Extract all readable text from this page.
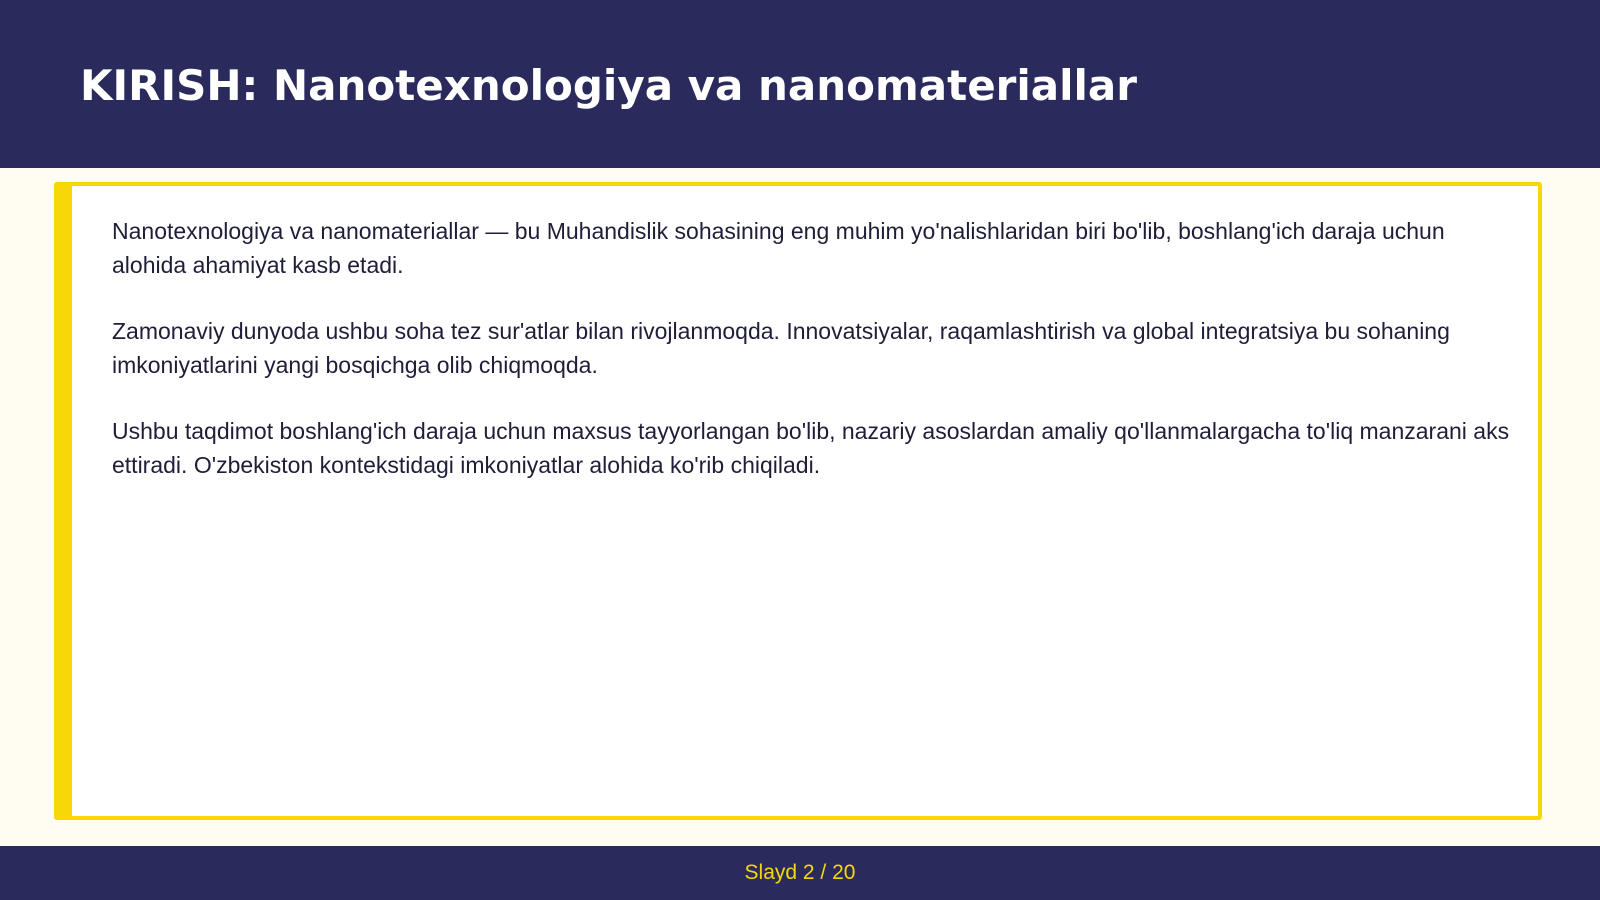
KIRISH: Nanotexnologiya va nanomateriallar

Nanotexnologiya va nanomateriallar — bu Muhandislik sohasining eng muhim yo'nalishlaridan biri bo'lib, boshlang'ich daraja uchun alohida ahamiyat kasb etadi.

Zamonaviy dunyoda ushbu soha tez sur'atlar bilan rivojlanmoqda. Innovatsiyalar, raqamlashtirish va global integratsiya bu sohaning imkoniyatlarini yangi bosqichga olib chiqmoqda.

Ushbu taqdimot boshlang'ich daraja uchun maxsus tayyorlangan bo'lib, nazariy asoslardan amaliy qo'llanmalargacha to'liq manzarani aks ettiradi. O'zbekiston kontekstidagi imkoniyatlar alohida ko'rib chiqiladi.

Slayd 2 / 20
